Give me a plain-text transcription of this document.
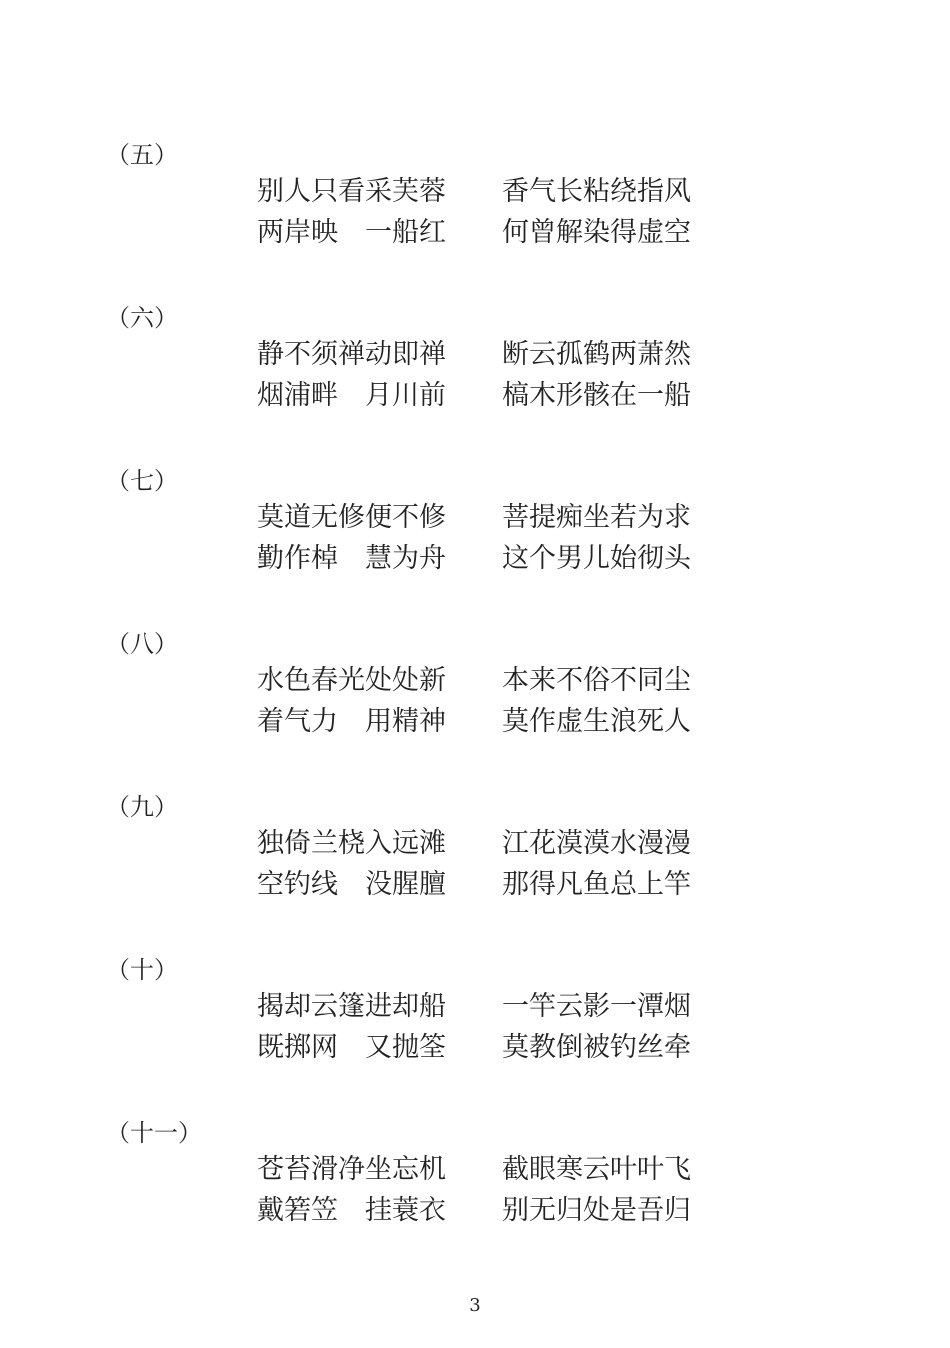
（五）
别人只看采芙蓉 香气长粘绕指风
两岸映　一船红 何曾解染得虚空
（六）
静不须禅动即禅 断云孤鹤两萧然
烟浦畔　月川前 槁木形骸在一船
（七）
莫道无修便不修 菩提痴坐若为求
勤作棹　慧为舟 这个男儿始彻头
（八）
水色春光处处新 本来不俗不同尘
着气力　用精神 莫作虚生浪死人
（九）
独倚兰桡入远滩 江花漠漠水漫漫
空钓线　没腥膻 那得凡鱼总上竿
（十）
揭却云篷进却船 一竿云影一潭烟
既掷网　又抛筌 莫教倒被钓丝牵
（十一）
苍苔滑净坐忘机 截眼寒云叶叶飞
戴箬笠　挂蓑衣 别无归处是吾归
3
